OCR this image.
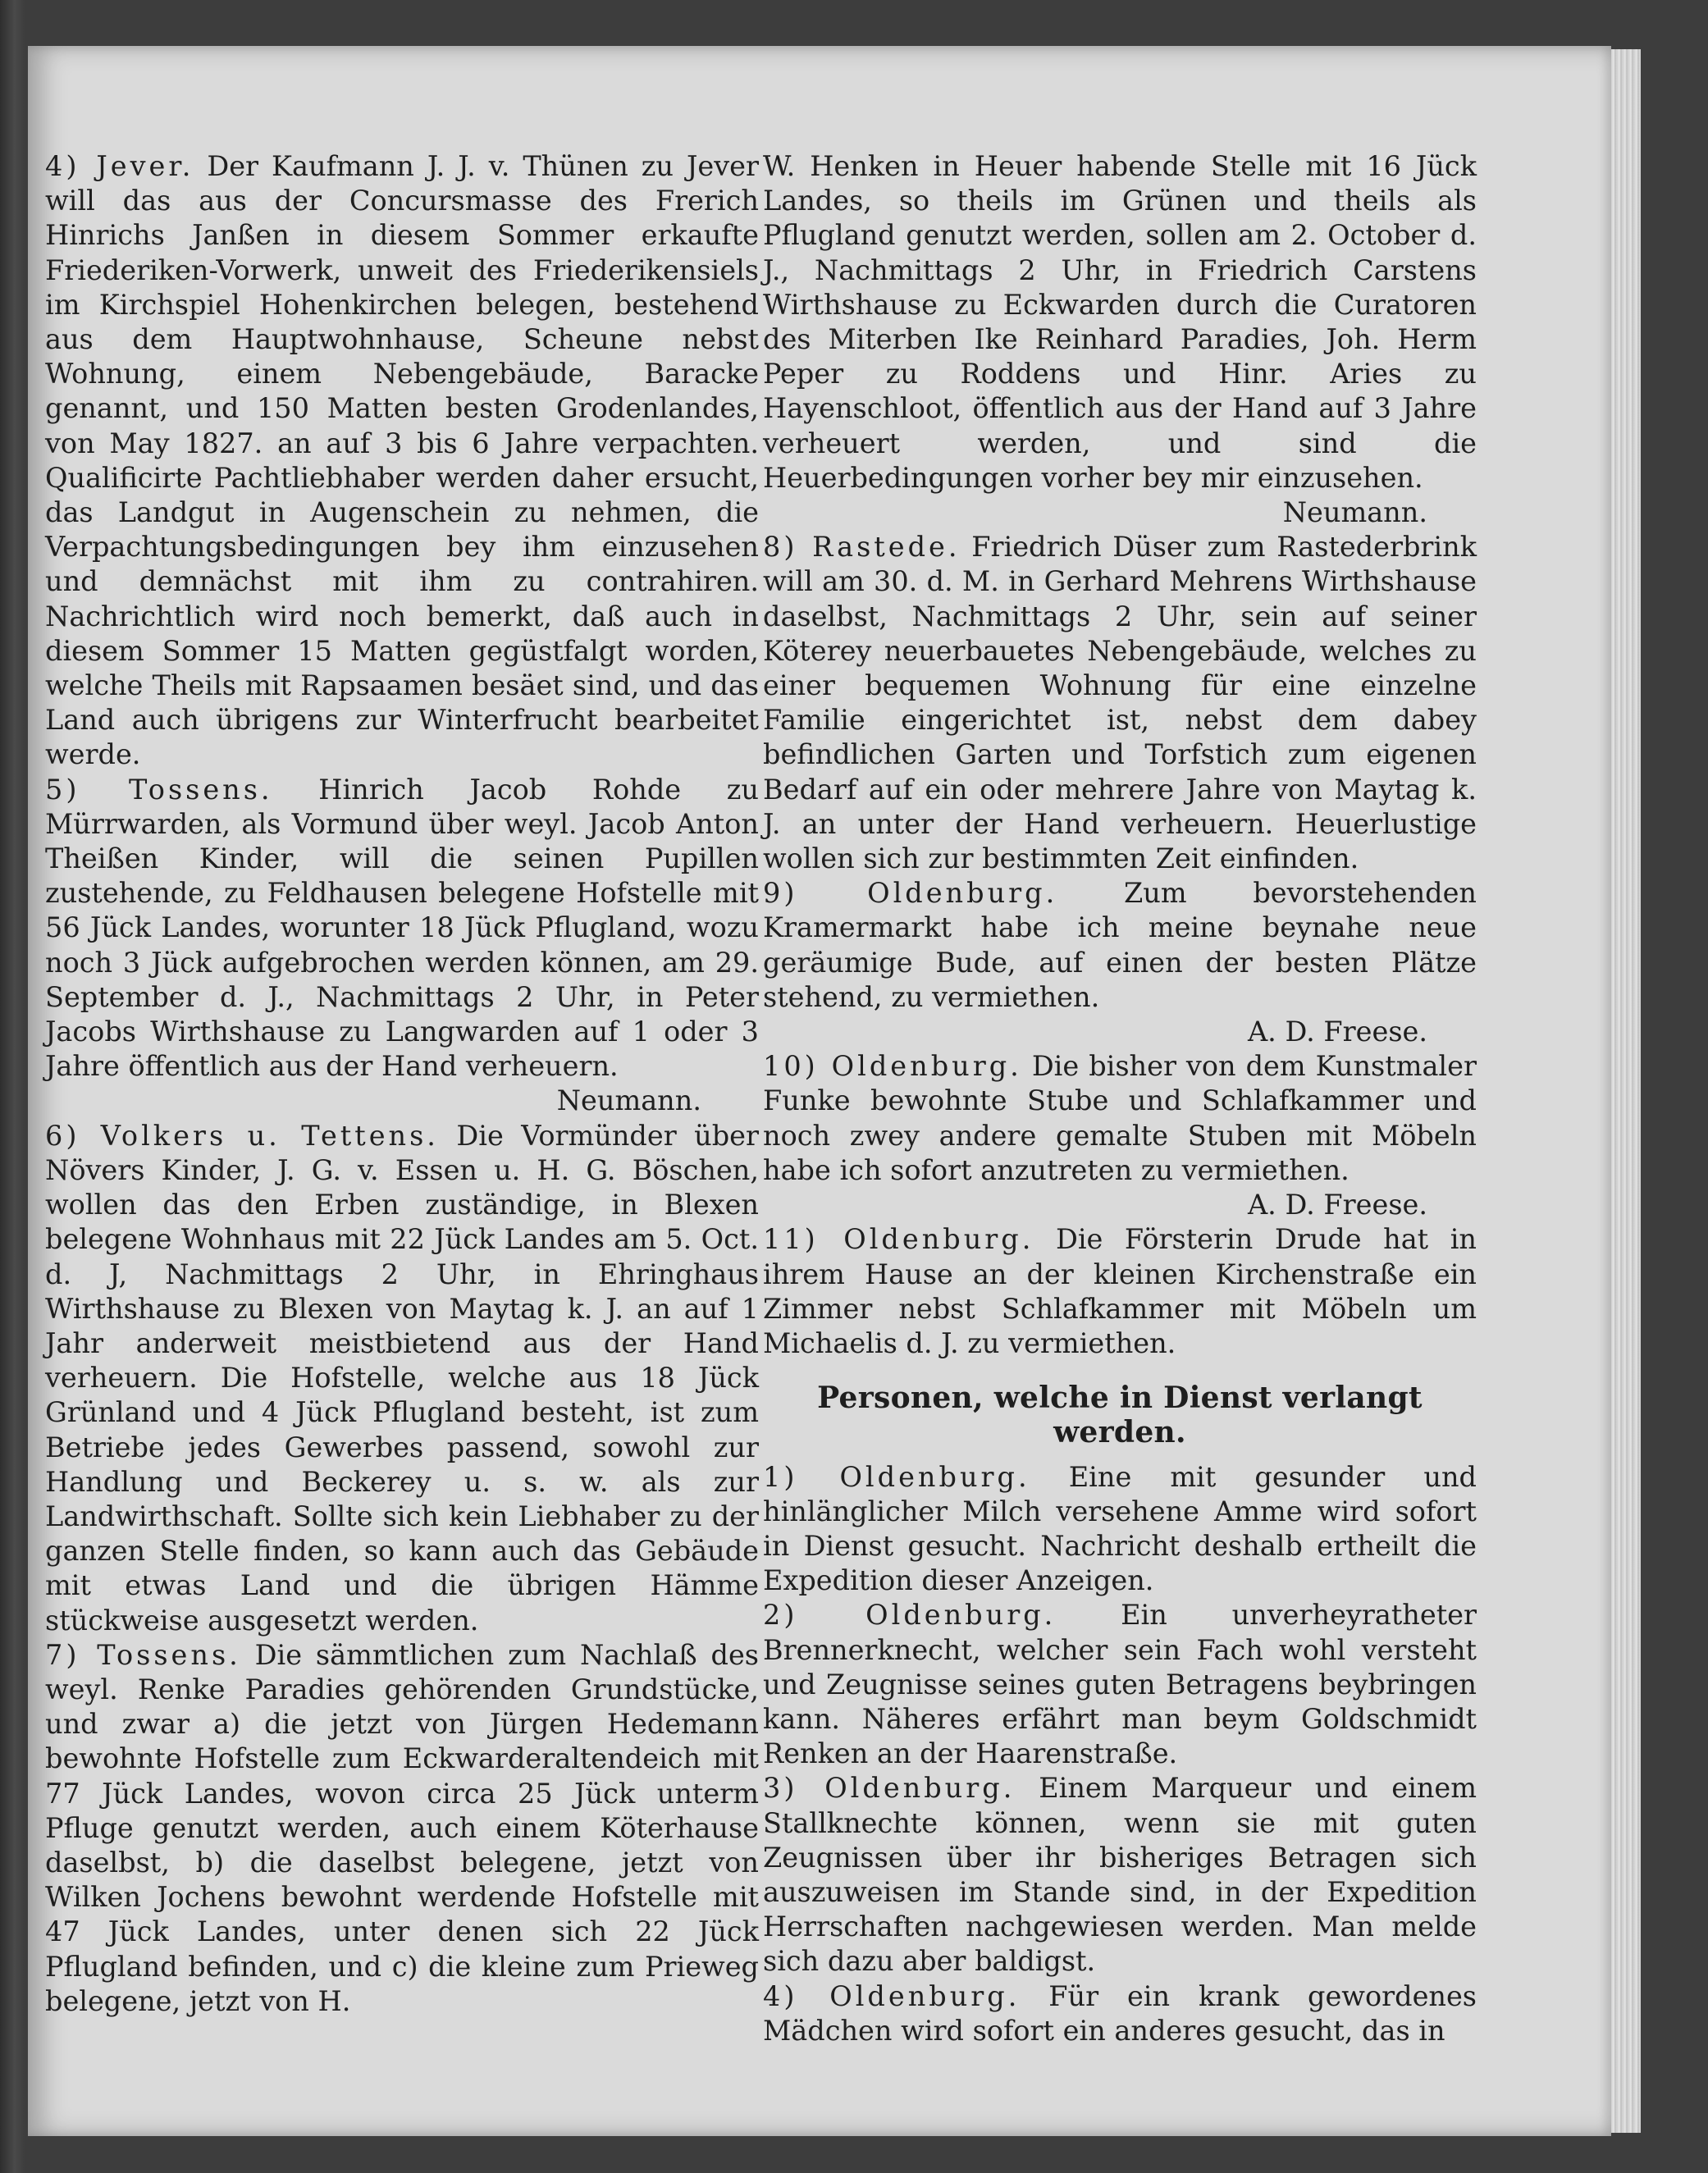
4) Jever. Der Kaufmann J. J. v. Thünen zu Jever will das aus der Concursmasse des Frerich Hinrichs Janßen in diesem Sommer erkaufte Friederiken-Vorwerk, unweit des Friederikensiels im Kirchspiel Hohenkirchen belegen, bestehend aus dem Hauptwohnhause, Scheune nebst Wohnung, einem Nebengebäude, Baracke genannt, und 150 Matten besten Grodenlandes, von May 1827. an auf 3 bis 6 Jahre verpachten. Qualificirte Pachtliebhaber werden daher ersucht, das Landgut in Augenschein zu nehmen, die Verpachtungsbedingungen bey ihm einzusehen und demnächst mit ihm zu contrahiren. Nachrichtlich wird noch bemerkt, daß auch in diesem Sommer 15 Matten gegüstfalgt worden, welche Theils mit Rapsaamen besäet sind, und das Land auch übrigens zur Winterfrucht bearbeitet werde.

5) Tossens. Hinrich Jacob Rohde zu Mürrwarden, als Vormund über weyl. Jacob Anton Theißen Kinder, will die seinen Pupillen zustehende, zu Feldhausen belegene Hofstelle mit 56 Jück Landes, worunter 18 Jück Pflugland, wozu noch 3 Jück aufgebrochen werden können, am 29. September d. J., Nachmittags 2 Uhr, in Peter Jacobs Wirthshause zu Langwarden auf 1 oder 3 Jahre öffentlich aus der Hand verheuern.

Neumann.

6) Volkers u. Tettens. Die Vormünder über Növers Kinder, J. G. v. Essen u. H. G. Böschen, wollen das den Erben zuständige, in Blexen belegene Wohnhaus mit 22 Jück Landes am 5. Oct. d. J, Nachmittags 2 Uhr, in Ehringhaus Wirthshause zu Blexen von Maytag k. J. an auf 1 Jahr anderweit meistbietend aus der Hand verheuern. Die Hofstelle, welche aus 18 Jück Grünland und 4 Jück Pflugland besteht, ist zum Betriebe jedes Gewerbes passend, sowohl zur Handlung und Beckerey u. s. w. als zur Landwirthschaft. Sollte sich kein Liebhaber zu der ganzen Stelle finden, so kann auch das Gebäude mit etwas Land und die übrigen Hämme stückweise ausgesetzt werden.

7) Tossens. Die sämmtlichen zum Nachlaß des weyl. Renke Paradies gehörenden Grundstücke, und zwar a) die jetzt von Jürgen Hedemann bewohnte Hofstelle zum Eckwarderaltendeich mit 77 Jück Landes, wovon circa 25 Jück unterm Pfluge genutzt werden, auch einem Köterhause daselbst, b) die daselbst belegene, jetzt von Wilken Jochens bewohnt werdende Hofstelle mit 47 Jück Landes, unter denen sich 22 Jück Pflugland befinden, und c) die kleine zum Prieweg belegene, jetzt von H.

W. Henken in Heuer habende Stelle mit 16 Jück Landes, so theils im Grünen und theils als Pflugland genutzt werden, sollen am 2. October d. J., Nachmittags 2 Uhr, in Friedrich Carstens Wirthshause zu Eckwarden durch die Curatoren des Miterben Ike Reinhard Paradies, Joh. Herm Peper zu Roddens und Hinr. Aries zu Hayenschloot, öffentlich aus der Hand auf 3 Jahre verheuert werden, und sind die Heuerbedingungen vorher bey mir einzusehen.

Neumann.

8) Rastede. Friedrich Düser zum Rastederbrink will am 30. d. M. in Gerhard Mehrens Wirthshause daselbst, Nachmittags 2 Uhr, sein auf seiner Köterey neuerbauetes Nebengebäude, welches zu einer bequemen Wohnung für eine einzelne Familie eingerichtet ist, nebst dem dabey befindlichen Garten und Torfstich zum eigenen Bedarf auf ein oder mehrere Jahre von Maytag k. J. an unter der Hand verheuern. Heuerlustige wollen sich zur bestimmten Zeit einfinden.

9) Oldenburg. Zum bevorstehenden Kramermarkt habe ich meine beynahe neue geräumige Bude, auf einen der besten Plätze stehend, zu vermiethen.

A. D. Freese.

10) Oldenburg. Die bisher von dem Kunstmaler Funke bewohnte Stube und Schlafkammer und noch zwey andere gemalte Stuben mit Möbeln habe ich sofort anzutreten zu vermiethen.

A. D. Freese.

11) Oldenburg. Die Försterin Drude hat in ihrem Hause an der kleinen Kirchenstraße ein Zimmer nebst Schlafkammer mit Möbeln um Michaelis d. J. zu vermiethen.

Personen, welche in Dienst verlangt werden.

1) Oldenburg. Eine mit gesunder und hinlänglicher Milch versehene Amme wird sofort in Dienst gesucht. Nachricht deshalb ertheilt die Expedition dieser Anzeigen.

2) Oldenburg. Ein unverheyratheter Brennerknecht, welcher sein Fach wohl versteht und Zeugnisse seines guten Betragens beybringen kann. Näheres erfährt man beym Goldschmidt Renken an der Haarenstraße.

3) Oldenburg. Einem Marqueur und einem Stallknechte können, wenn sie mit guten Zeugnissen über ihr bisheriges Betragen sich auszuweisen im Stande sind, in der Expedition Herrschaften nachgewiesen werden. Man melde sich dazu aber baldigst.

4) Oldenburg. Für ein krank gewordenes Mädchen wird sofort ein anderes gesucht, das in
